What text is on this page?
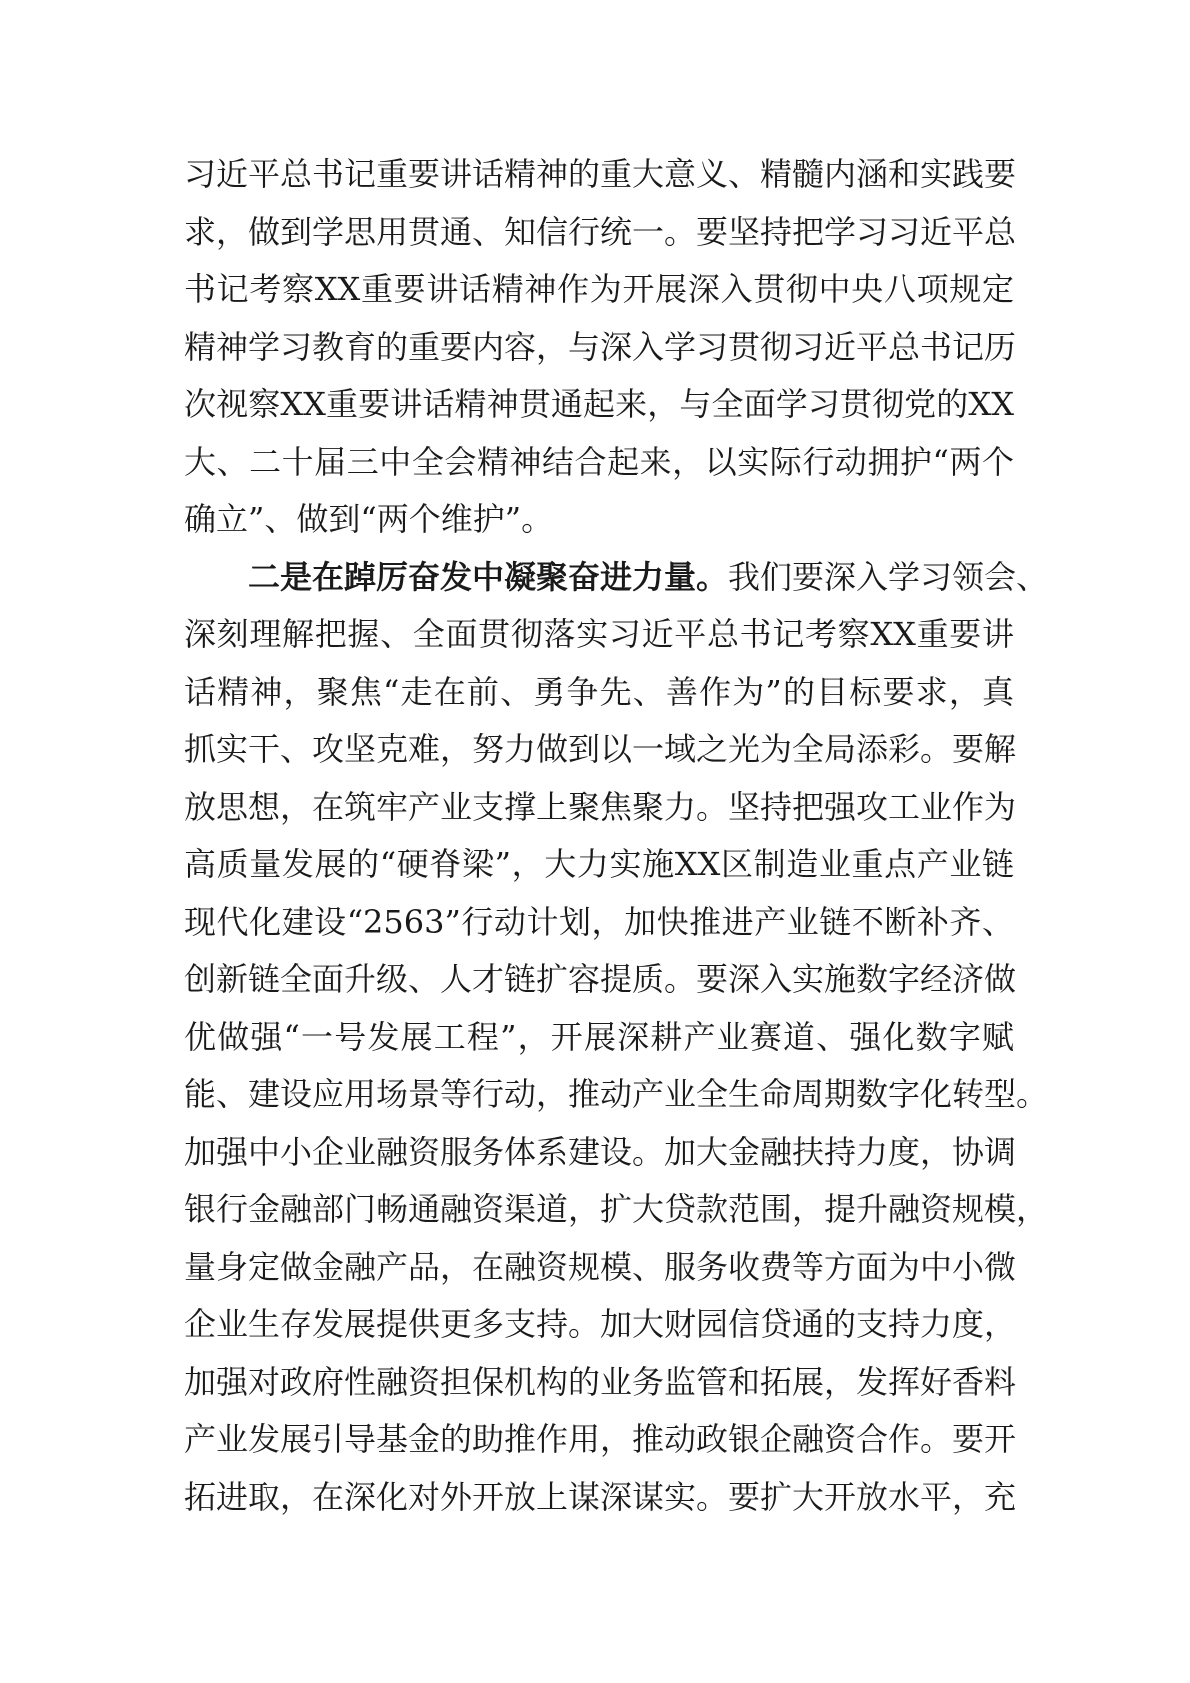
习近平总书记重要讲话精神的重大意义、精髓内涵和实践要
求，做到学思用贯通、知信行统一。要坚持把学习习近平总
书记考察XX重要讲话精神作为开展深入贯彻中央八项规定
精神学习教育的重要内容，与深入学习贯彻习近平总书记历
次视察XX重要讲话精神贯通起来，与全面学习贯彻党的XX
大、二十届三中全会精神结合起来，以实际行动拥护“两个
确立”、做到“两个维护”。
二是在踔厉奋发中凝聚奋进力量。我们要深入学习领会、
深刻理解把握、全面贯彻落实习近平总书记考察XX重要讲
话精神，聚焦“走在前、勇争先、善作为”的目标要求，真
抓实干、攻坚克难，努力做到以一域之光为全局添彩。要解
放思想，在筑牢产业支撑上聚焦聚力。坚持把强攻工业作为
高质量发展的“硬脊梁”，大力实施XX区制造业重点产业链
现代化建设“2563”行动计划，加快推进产业链不断补齐、
创新链全面升级、人才链扩容提质。要深入实施数字经济做
优做强“一号发展工程”，开展深耕产业赛道、强化数字赋
能、建设应用场景等行动，推动产业全生命周期数字化转型。
加强中小企业融资服务体系建设。加大金融扶持力度，协调
银行金融部门畅通融资渠道，扩大贷款范围，提升融资规模，
量身定做金融产品，在融资规模、服务收费等方面为中小微
企业生存发展提供更多支持。加大财园信贷通的支持力度，
加强对政府性融资担保机构的业务监管和拓展，发挥好香料
产业发展引导基金的助推作用，推动政银企融资合作。要开
拓进取，在深化对外开放上谋深谋实。要扩大开放水平，充
